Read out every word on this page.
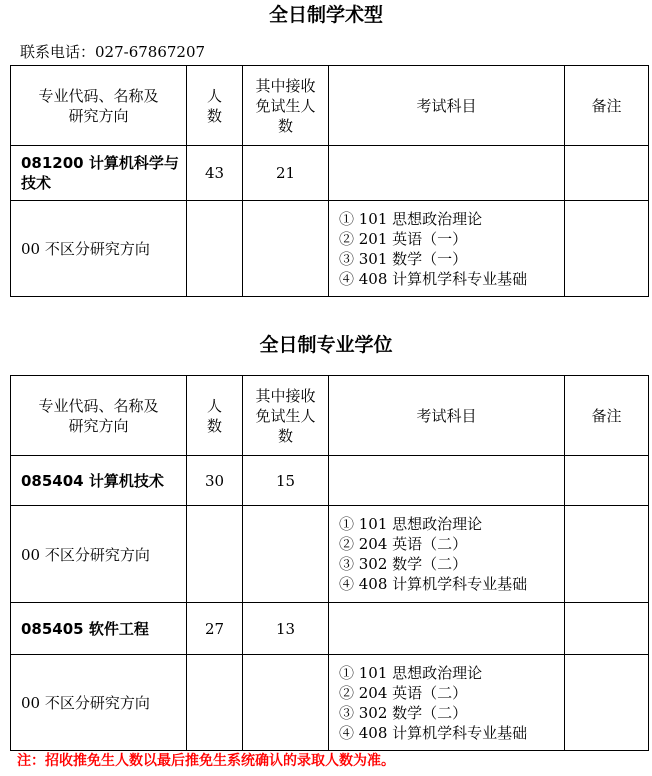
全日制学术型
联系电话：027-67867207
专业代码、名称及研究方向	人数	其中接收免试生人数	考试科目	备注
081200 计算机科学与技术	43	21		
00 不区分研究方向			① 101 思想政治理论
② 201 英语（一）
③ 301 数学（一）
④ 408 计算机学科专业基础	

全日制专业学位
专业代码、名称及研究方向	人数	其中接收免试生人数	考试科目	备注
085404 计算机技术	30	15		
00 不区分研究方向			① 101 思想政治理论
② 204 英语（二）
③ 302 数学（二）
④ 408 计算机学科专业基础	

085405 软件工程	27	13		
00 不区分研究方向			① 101 思想政治理论
② 204 英语（二）
③ 302 数学（二）
④ 408 计算机学科专业基础	

注：招收推免生人数以最后推免生系统确认的录取人数为准。
